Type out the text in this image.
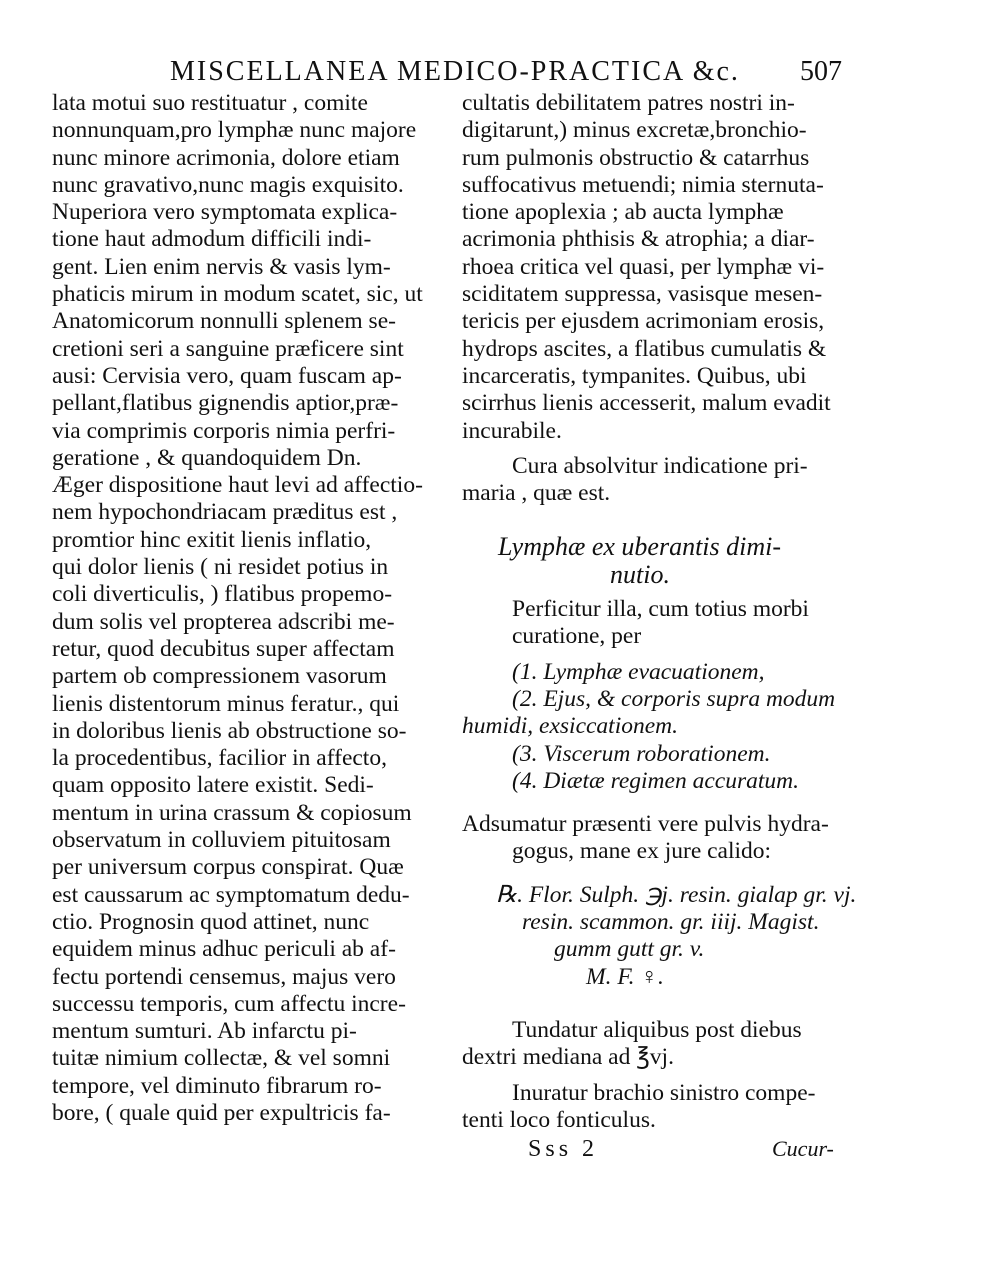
MISCELLANEA MEDICO-PRACTICA &c. 507
lata motui suo restituatur , comite
nonnunquam,pro lymphæ nunc majore
nunc minore acrimonia, dolore etiam
nunc gravativo,nunc magis exquisito.
Nuperiora vero symptomata explica-
tione haut admodum difficili indi-
gent. Lien enim nervis & vasis lym-
phaticis mirum in modum scatet, sic, ut
Anatomicorum nonnulli splenem se-
cretioni seri a sanguine præficere sint
ausi: Cervisia vero, quam fuscam ap-
pellant,flatibus gignendis aptior,præ-
via comprimis corporis nimia perfri-
geratione , & quandoquidem Dn.
Æger dispositione haut levi ad affectio-
nem hypochondriacam præditus est ,
promtior hinc exitit lienis inflatio,
qui dolor lienis ( ni residet potius in
coli diverticulis, ) flatibus propemo-
dum solis vel propterea adscribi me-
retur, quod decubitus super affectam
partem ob compressionem vasorum
lienis distentorum minus feratur., qui
in doloribus lienis ab obstructione so-
la procedentibus, facilior in affecto,
quam opposito latere existit. Sedi-
mentum in urina crassum & copiosum
observatum in colluviem pituitosam
per universum corpus conspirat. Quæ
est caussarum ac symptomatum dedu-
ctio. Prognosin quod attinet, nunc
equidem minus adhuc periculi ab af-
fectu portendi censemus, majus vero
successu temporis, cum affectu incre-
mentum sumturi. Ab infarctu pi-
tuitæ nimium collectæ, & vel somni
tempore, vel diminuto fibrarum ro-
bore, ( quale quid per expultricis fa-
cultatis debilitatem patres nostri in-
digitarunt,) minus excretæ,bronchio-
rum pulmonis obstructio & catarrhus
suffocativus metuendi; nimia sternuta-
tione apoplexia ; ab aucta lymphæ
acrimonia phthisis & atrophia; a diar-
rhoea critica vel quasi, per lymphæ vi-
sciditatem suppressa, vasisque mesen-
tericis per ejusdem acrimoniam erosis,
hydrops ascites, a flatibus cumulatis &
incarceratis, tympanites. Quibus, ubi
scirrhus lienis accesserit, malum evadit
incurabile.
Cura absolvitur indicatione pri-
maria , quæ est.
Lymphæ ex uberantis dimi-
nutio.
Perficitur illa, cum totius morbi
curatione, per
(1. Lymphæ evacuationem,
(2. Ejus, & corporis supra modum
humidi, exsiccationem.
(3. Viscerum roborationem.
(4. Diætæ regimen accuratum.
Adsumatur præsenti vere pulvis hydra-
gogus, mane ex jure calido:
℞. Flor. Sulph. ℈j. resin. gialap gr. vj.
resin. scammon. gr. iiij. Magist.
gumm gutt gr. v.
M. F. ♀.
Tundatur aliquibus post diebus
dextri mediana ad ℥vj.
Inuratur brachio sinistro compe-
tenti loco fonticulus.
Sss 2	Cucur-
